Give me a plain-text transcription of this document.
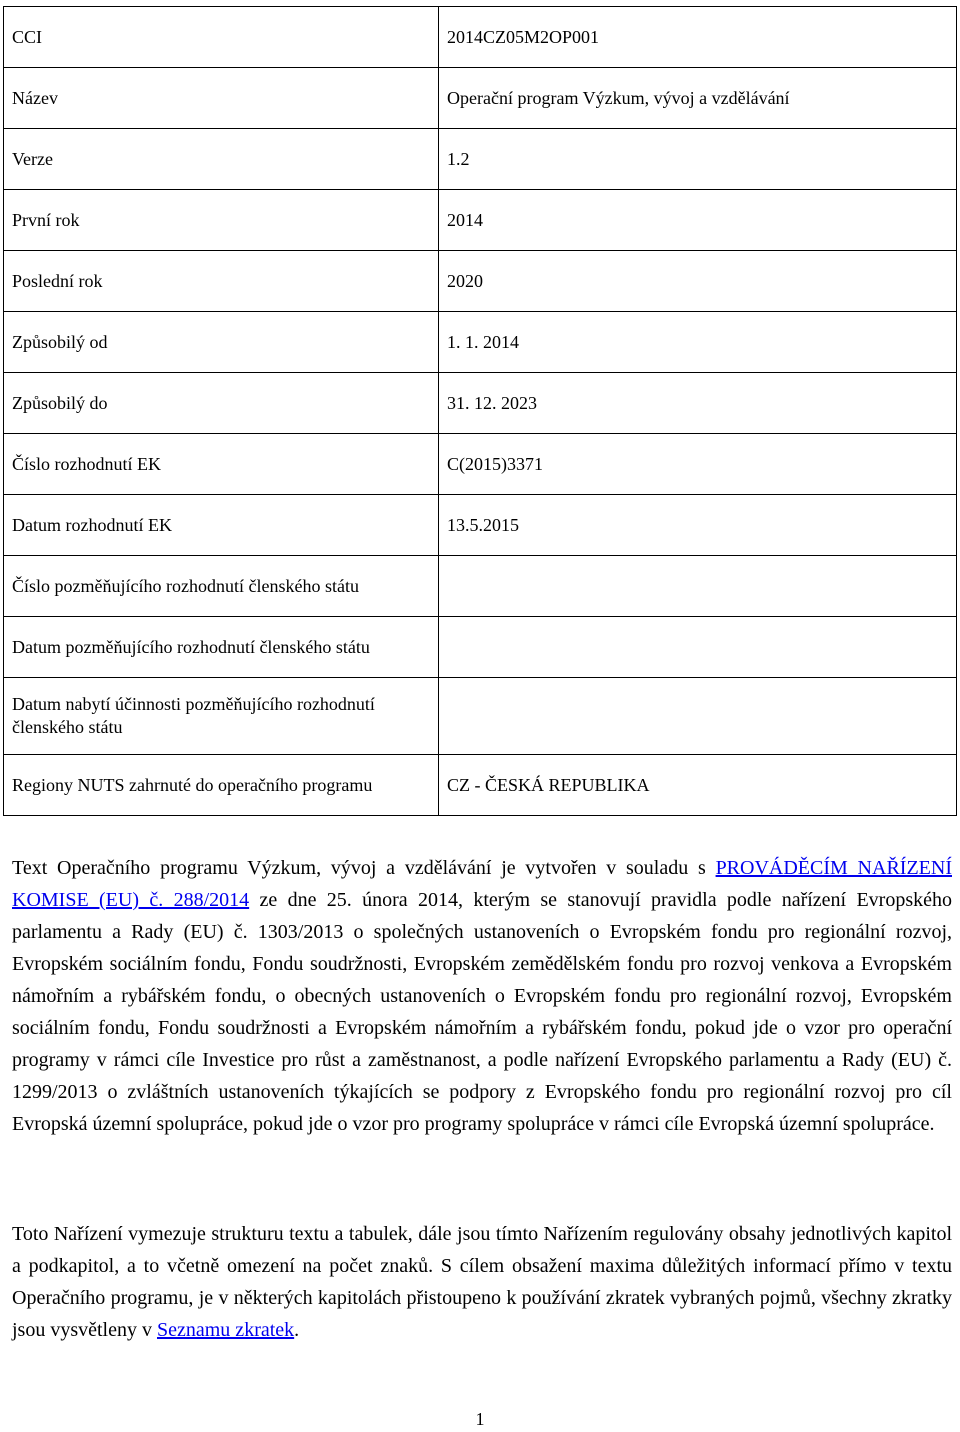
CCI	2014CZ05M2OP001
Název	Operační program Výzkum, vývoj a vzdělávání
Verze	1.2
První rok	2014
Poslední rok	2020
Způsobilý od	1. 1. 2014
Způsobilý do	31. 12. 2023
Číslo rozhodnutí EK	C(2015)3371
Datum rozhodnutí EK	13.5.2015
Číslo pozměňujícího rozhodnutí členského státu	
Datum pozměňujícího rozhodnutí členského státu	
Datum nabytí účinnosti pozměňujícího rozhodnutí členského státu	
Regiony NUTS zahrnuté do operačního programu	CZ - ČESKÁ REPUBLIKA

Text Operačního programu Výzkum, vývoj a vzdělávání je vytvořen v souladu s PROVÁDĚCÍM NAŘÍZENÍ KOMISE (EU) č. 288/2014 ze dne 25. února 2014, kterým se stanovují pravidla podle nařízení Evropského parlamentu a Rady (EU) č. 1303/2013 o společných ustanoveních o Evropském fondu pro regionální rozvoj, Evropském sociálním fondu, Fondu soudržnosti, Evropském zemědělském fondu pro rozvoj venkova a Evropském námořním a rybářském fondu, o obecných ustanoveních o Evropském fondu pro regionální rozvoj, Evropském sociálním fondu, Fondu soudržnosti a Evropském námořním a rybářském fondu, pokud jde o vzor pro operační programy v rámci cíle Investice pro růst a zaměstnanost, a podle nařízení Evropského parlamentu a Rady (EU) č. 1299/2013 o zvláštních ustanoveních týkajících se podpory z Evropského fondu pro regionální rozvoj pro cíl Evropská územní spolupráce, pokud jde o vzor pro programy spolupráce v rámci cíle Evropská územní spolupráce.

Toto Nařízení vymezuje strukturu textu a tabulek, dále jsou tímto Nařízením regulovány obsahy jednotlivých kapitol a podkapitol, a to včetně omezení na počet znaků. S cílem obsažení maxima důležitých informací přímo v textu Operačního programu, je v některých kapitolách přistoupeno k používání zkratek vybraných pojmů, všechny zkratky jsou vysvětleny v Seznamu zkratek.

1
